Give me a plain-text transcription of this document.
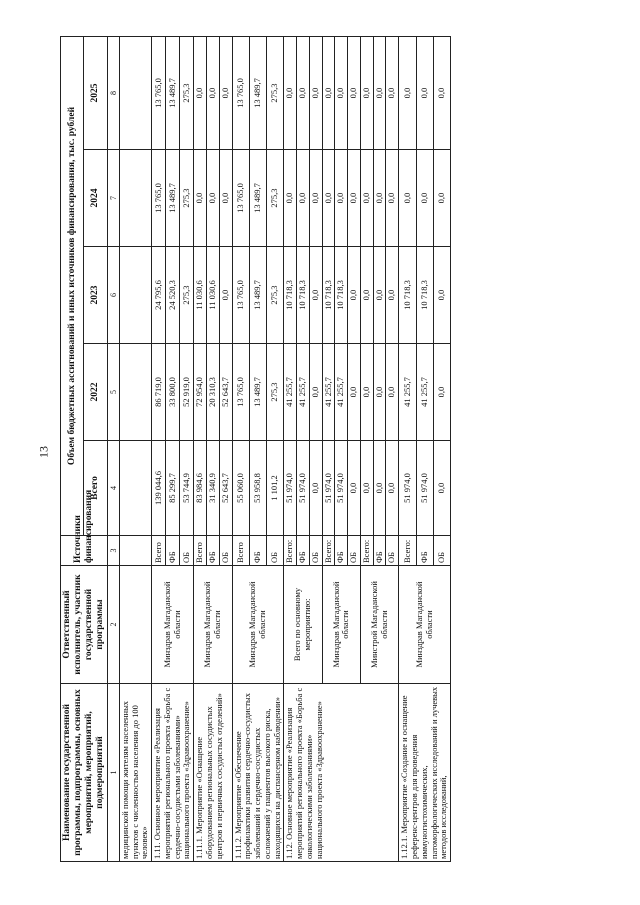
13
Наименование государственной программы, подпрограммы, основных мероприятий, мероприятий, подмероприятий	Ответственный исполнитель, участник государственной программы	Источники финансирования	Объем бюджетных ассигнований и иных источников финансирования, тыс. рублей				
			Всего	2022	2023	2024	2025
1	2	3	4	5	6	7	8
медицинской помощи жителям населенных пунктов с численностью населения до 100 человек»							
1.11. Основное мероприятие «Реализация мероприятий регионального проекта «Борьба с сердечно-сосудистыми заболеваниями» национального проекта «Здравоохранение»	Минздрав Магаданской области	Всего	139 044,6	86 719,0	24 795,6	13 765,0	13 765,0
		ФБ	85 299,7	33 800,0	24 520,3	13 489,7	13 489,7
		ОБ	53 744,9	52 919,0	275,3	275,3	275,3
1.11.1. Мероприятие «Оснащение оборудованием региональных сосудистых центров и первичных сосудистых отделений»	Минздрав Магаданской области	Всего	83 984,6	72 954,0	11 030,6	0,0	0,0
		ФБ	31 340,9	20 310,3	11 030,6	0,0	0,0
		ОБ	52 643,7	52 643,7	0,0	0,0	0,0
1.11.2. Мероприятие «Обеспечение профилактики развития сердечно-сосудистых заболеваний и сердечно-сосудистых осложнений у пациентов высокого риска, находящихся на диспансерном наблюдении»	Минздрав Магаданской области	Всего	55 060,0	13 765,0	13 765,0	13 765,0	13 765,0
		ФБ	53 958,8	13 489,7	13 489,7	13 489,7	13 489,7
		ОБ	1 101,2	275,3	275,3	275,3	275,3
1.12. Основное мероприятие «Реализация мероприятий регионального проекта «Борьба с онкологическими заболеваниями» национального проекта «Здравоохранение»	Всего по основному мероприятию:	Всего:	51 974,0	41 255,7	10 718,3	0,0	0,0
		ФБ	51 974,0	41 255,7	10 718,3	0,0	0,0
		ОБ	0,0	0,0	0,0	0,0	0,0
	Минздрав Магаданской области	Всего:	51 974,0	41 255,7	10 718,3	0,0	0,0
		ФБ	51 974,0	41 255,7	10 718,3	0,0	0,0
		ОБ	0,0	0,0	0,0	0,0	0,0
	Минстрой Магаданской области	Всего:	0,0	0,0	0,0	0,0	0,0
		ФБ	0,0	0,0	0,0	0,0	0,0
		ОБ	0,0	0,0	0,0	0,0	0,0
1.12.1. Мероприятие «Создание и оснащение референс-центров для проведения иммуногистохимических, патоморфологических исследований и лучевых методов исследований,	Минздрав Магаданской области	Всего:	51 974,0	41 255,7	10 718,3	0,0	0,0
		ФБ	51 974,0	41 255,7	10 718,3	0,0	0,0
		ОБ	0,0	0,0	0,0	0,0	0,0
